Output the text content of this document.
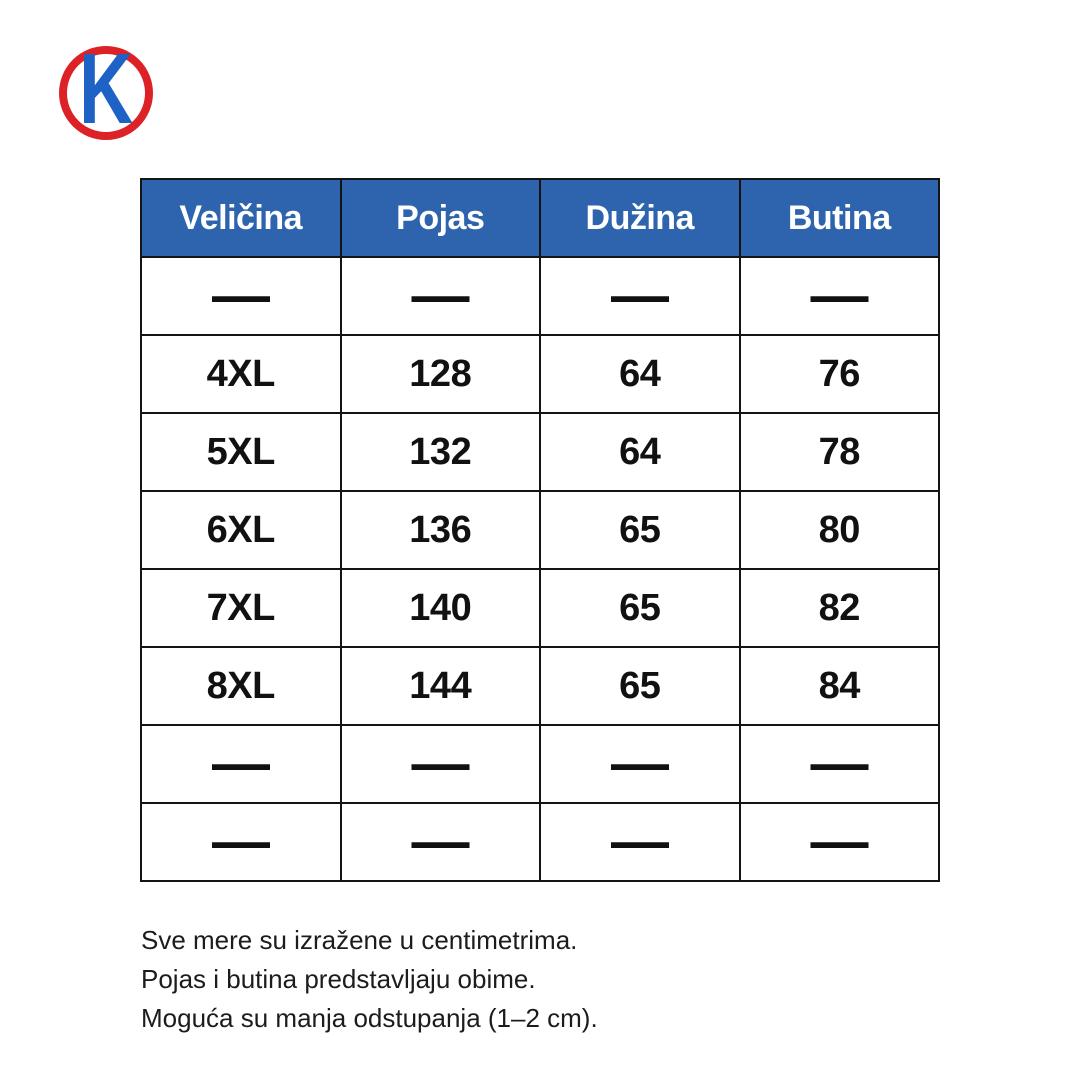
K
Veličina	Pojas	Dužina	Butina
—	—	—	—
4XL	128	64	76
5XL	132	64	78
6XL	136	65	80
7XL	140	65	82
8XL	144	65	84
—	—	—	—
—	—	—	—

Sve mere su izražene u centimetrima.

Pojas i butina predstavljaju obime.

Moguća su manja odstupanja (1–2 cm).
